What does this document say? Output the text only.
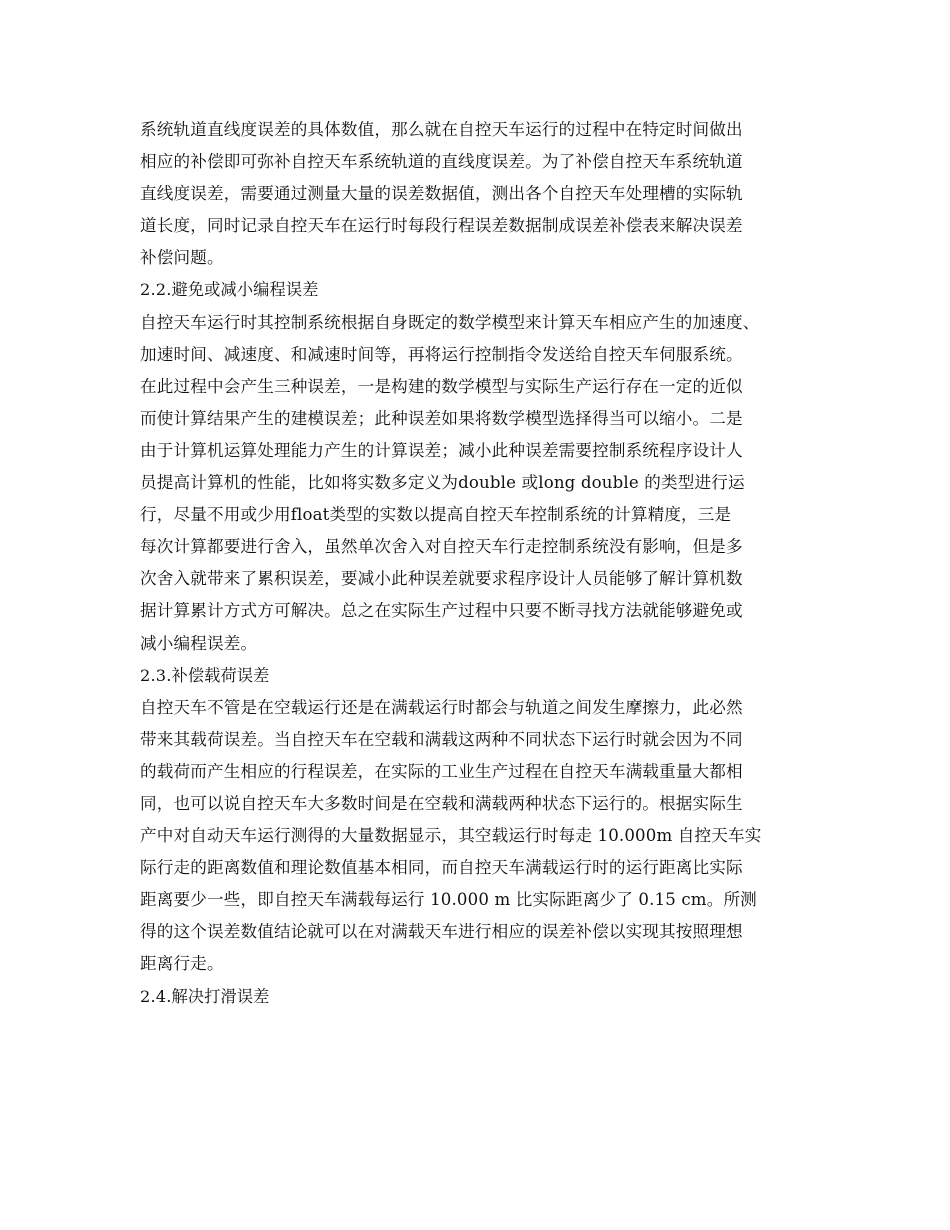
系统轨道直线度误差的具体数值，那么就在自控天车运行的过程中在特定时间做出
相应的补偿即可弥补自控天车系统轨道的直线度误差。为了补偿自控天车系统轨道
直线度误差，需要通过测量大量的误差数据值，测出各个自控天车处理槽的实际轨
道长度，同时记录自控天车在运行时每段行程误差数据制成误差补偿表来解决误差
补偿问题。
2.2.避免或减小编程误差
自控天车运行时其控制系统根据自身既定的数学模型来计算天车相应产生的加速度、
加速时间、减速度、和减速时间等，再将运行控制指令发送给自控天车伺服系统。
在此过程中会产生三种误差，一是构建的数学模型与实际生产运行存在一定的近似
而使计算结果产生的建模误差；此种误差如果将数学模型选择得当可以缩小。二是
由于计算机运算处理能力产生的计算误差；减小此种误差需要控制系统程序设计人
员提高计算机的性能，比如将实数多定义为double 或long double 的类型进行运
行，尽量不用或少用float类型的实数以提高自控天车控制系统的计算精度，三是
每次计算都要进行舍入，虽然单次舍入对自控天车行走控制系统没有影响，但是多
次舍入就带来了累积误差，要减小此种误差就要求程序设计人员能够了解计算机数
据计算累计方式方可解决。总之在实际生产过程中只要不断寻找方法就能够避免或
减小编程误差。
2.3.补偿载荷误差
自控天车不管是在空载运行还是在满载运行时都会与轨道之间发生摩擦力，此必然
带来其载荷误差。当自控天车在空载和满载这两种不同状态下运行时就会因为不同
的载荷而产生相应的行程误差，在实际的工业生产过程在自控天车满载重量大都相
同，也可以说自控天车大多数时间是在空载和满载两种状态下运行的。根据实际生
产中对自动天车运行测得的大量数据显示，其空载运行时每走 10.000m 自控天车实
际行走的距离数值和理论数值基本相同，而自控天车满载运行时的运行距离比实际
距离要少一些，即自控天车满载每运行 10.000 m 比实际距离少了 0.15 cm。所测
得的这个误差数值结论就可以在对满载天车进行相应的误差补偿以实现其按照理想
距离行走。
2.4.解决打滑误差
